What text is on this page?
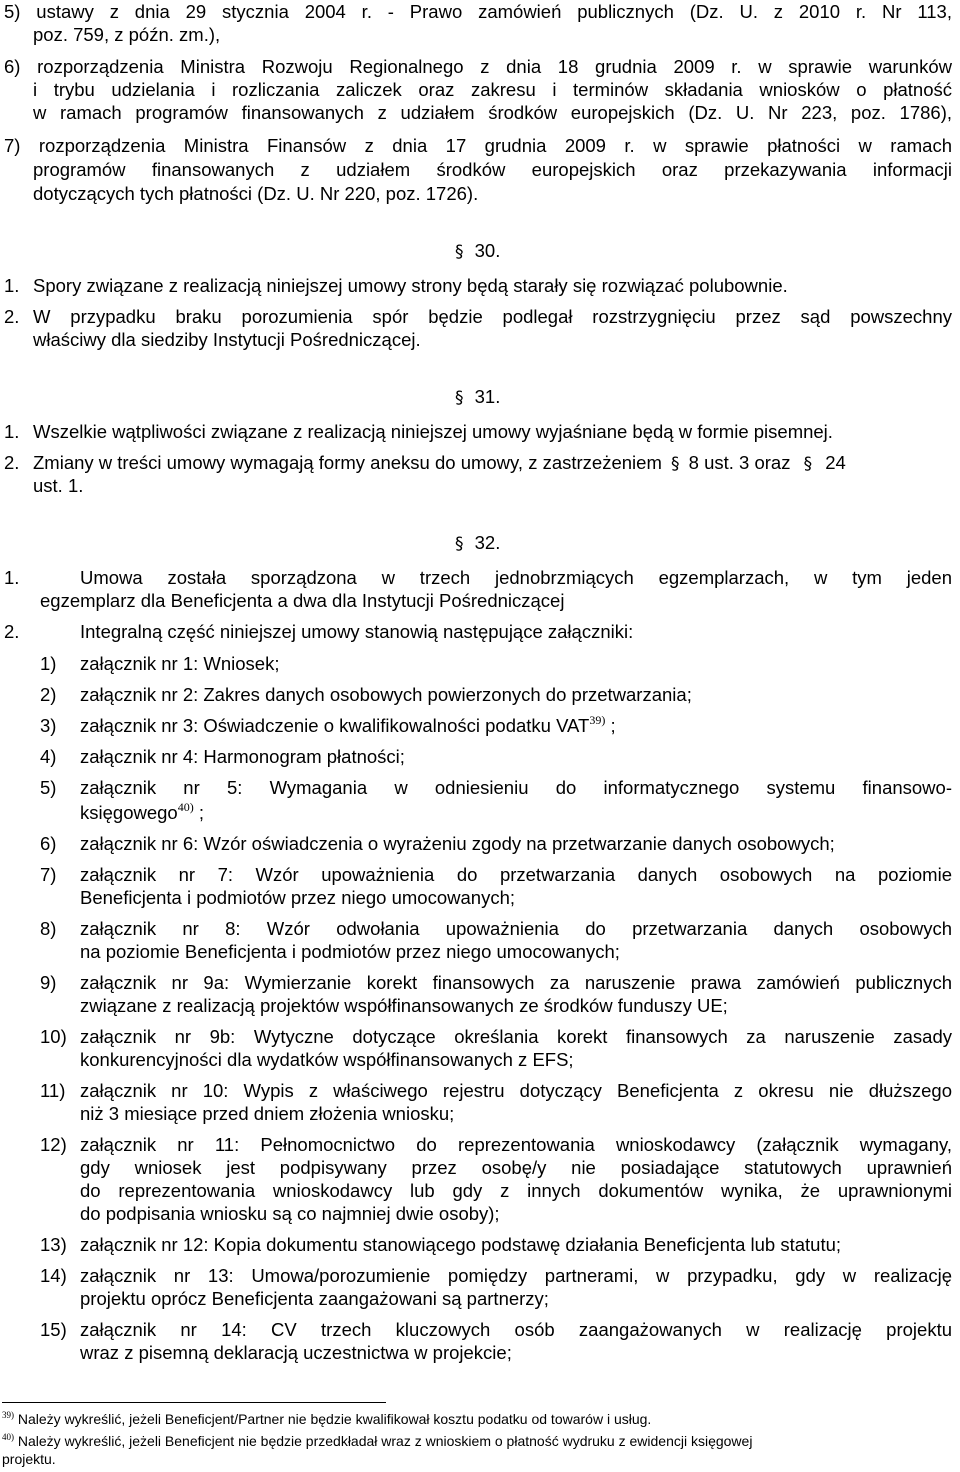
5) ustawy z dnia 29 stycznia 2004 r. - Prawo zamówień publicznych (Dz. U. z 2010 r. Nr 113,
poz. 759, z późn. zm.),
6) rozporządzenia Ministra Rozwoju Regionalnego z dnia 18 grudnia 2009 r. w sprawie warunków
i trybu udzielania i rozliczania zaliczek oraz zakresu i terminów składania wniosków o płatność
w ramach programów finansowanych z udziałem środków europejskich (Dz. U. Nr 223, poz. 1786),
7) rozporządzenia Ministra Finansów z dnia 17 grudnia 2009 r. w sprawie płatności w ramach
programów finansowanych z udziałem środków europejskich oraz przekazywania informacji
dotyczących tych płatności (Dz. U. Nr 220, poz. 1726).
§ 30.
1. Spory związane z realizacją niniejszej umowy strony będą starały się rozwiązać polubownie.
2. W przypadku braku porozumienia spór będzie podlegał rozstrzygnięciu przez sąd powszechny
właściwy dla siedziby Instytucji Pośredniczącej.
§ 31.
1. Wszelkie wątpliwości związane z realizacją niniejszej umowy wyjaśniane będą w formie pisemnej.
2. Zmiany w treści umowy wymagają formy aneksu do umowy, z zastrzeżeniem § 8 ust. 3 oraz § 24
ust. 1.
§ 32.
1.	Umowa została sporządzona w trzech jednobrzmiących egzemplarzach, w tym jeden
egzemplarz dla Beneficjenta a dwa dla Instytucji Pośredniczącej
2.	Integralną część niniejszej umowy stanowią następujące załączniki:
1) załącznik nr 1: Wniosek;
2) załącznik nr 2: Zakres danych osobowych powierzonych do przetwarzania;
3) załącznik nr 3: Oświadczenie o kwalifikowalności podatku VAT$^{39)}$ ;
4) załącznik nr 4: Harmonogram płatności;
5) załącznik nr 5: Wymagania w odniesieniu do informatycznego systemu finansowo-
księgowego$^{40)}$ ;
6) załącznik nr 6: Wzór oświadczenia o wyrażeniu zgody na przetwarzanie danych osobowych;
7) załącznik nr 7: Wzór upoważnienia do przetwarzania danych osobowych na poziomie
Beneficjenta i podmiotów przez niego umocowanych;
8) załącznik nr 8: Wzór odwołania upoważnienia do przetwarzania danych osobowych
na poziomie Beneficjenta i podmiotów przez niego umocowanych;
9) załącznik nr 9a: Wymierzanie korekt finansowych za naruszenie prawa zamówień publicznych
związane z realizacją projektów współfinansowanych ze środków funduszy UE;
10) załącznik nr 9b: Wytyczne dotyczące określania korekt finansowych za naruszenie zasady
konkurencyjności dla wydatków współfinansowanych z EFS;
11) załącznik nr 10: Wypis z właściwego rejestru dotyczący Beneficjenta z okresu nie dłuższego
niż 3 miesiące przed dniem złożenia wniosku;
12) załącznik nr 11: Pełnomocnictwo do reprezentowania wnioskodawcy (załącznik wymagany,
gdy wniosek jest podpisywany przez osobę/y nie posiadające statutowych uprawnień
do reprezentowania wnioskodawcy lub gdy z innych dokumentów wynika, że uprawnionymi
do podpisania wniosku są co najmniej dwie osoby);
13) załącznik nr 12: Kopia dokumentu stanowiącego podstawę działania Beneficjenta lub statutu;
14) załącznik nr 13: Umowa/porozumienie pomiędzy partnerami, w przypadku, gdy w realizację
projektu oprócz Beneficjenta zaangażowani są partnerzy;
15) załącznik nr 14: CV trzech kluczowych osób zaangażowanych w realizację projektu
wraz z pisemną deklaracją uczestnictwa w projekcie;
$^{39)}$ Należy wykreślić, jeżeli Beneficjent/Partner nie będzie kwalifikował kosztu podatku od towarów i usług.
$^{40)}$ Należy wykreślić, jeżeli Beneficjent nie będzie przedkładał wraz z wnioskiem o płatność wydruku z ewidencji księgowej
projektu.
